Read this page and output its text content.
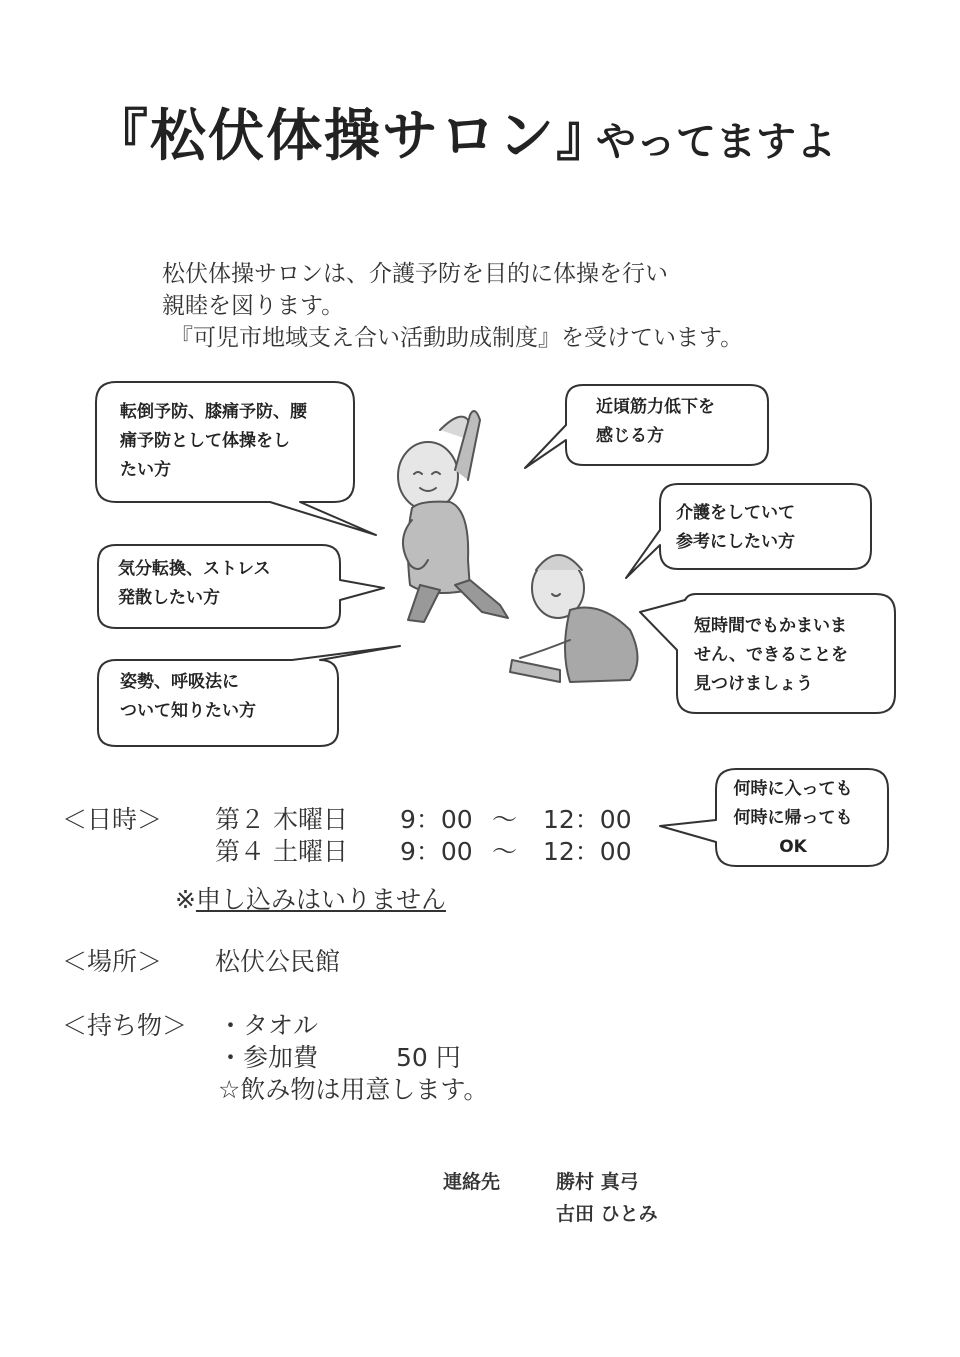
『松伏体操サロン』
やってますよ
松伏体操サロンは、介護予防を目的に体操を行い
親睦を図ります。
『可児市地域支え合い活動助成制度』を受けています。
転倒予防、膝痛予防、腰
痛予防として体操をし
たい方
気分転換、ストレス
発散したい方
姿勢、呼吸法に
ついて知りたい方
近頃筋力低下を
感じる方
介護をしていて
参考にしたい方
短時間でもかまいま
せん、できることを
見つけましょう
何時に入っても
何時に帰っても
OK
＜日時＞ 第２ 木曜日 9：00 ～ 12：00
第４ 土曜日 9：00 ～ 12：00
※申し込みはいりません
＜場所＞ 松伏公民館
＜持ち物＞ ・タオル
・参加費	50 円
☆飲み物は用意します。
連絡先	勝村 真弓
古田 ひとみ
